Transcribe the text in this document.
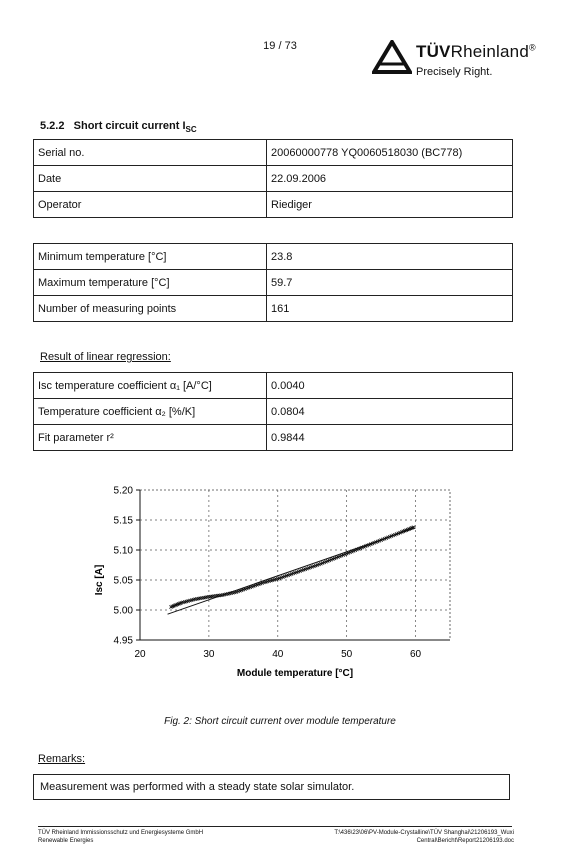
19 / 73	TÜVRheinland®
Precisely Right.
5.2.2 Short circuit current $I_{SC}$
Serial no.	20060000778 YQ0060518030 (BC778)
Date	22.09.2006
Operator	Riediger
Minimum temperature [°C]	23.8
Maximum temperature [°C]	59.7
Number of measuring points	161
Result of linear regression:
Isc temperature coefficient α₁ [A/°C]	0.0040
Temperature coefficient α₂ [%/K]	0.0804
Fit parameter r²	0.9844
20	30	40	50	60
4.95
5.00
5.05
5.10
5.15
5.20
Module temperature [°C]
Isc [A]
Fig. 2: Short circuit current over module temperature
Remarks:
Measurement was performed with a steady state solar simulator.
TÜV Rheinland Immissionsschutz und Energiesysteme GmbH
Renewable Energies
T:\436\23\06\PV-Module-Crystalline\TÜV Shanghai\21206193_Wuxi
Central\Bericht\Report21206193.doc
